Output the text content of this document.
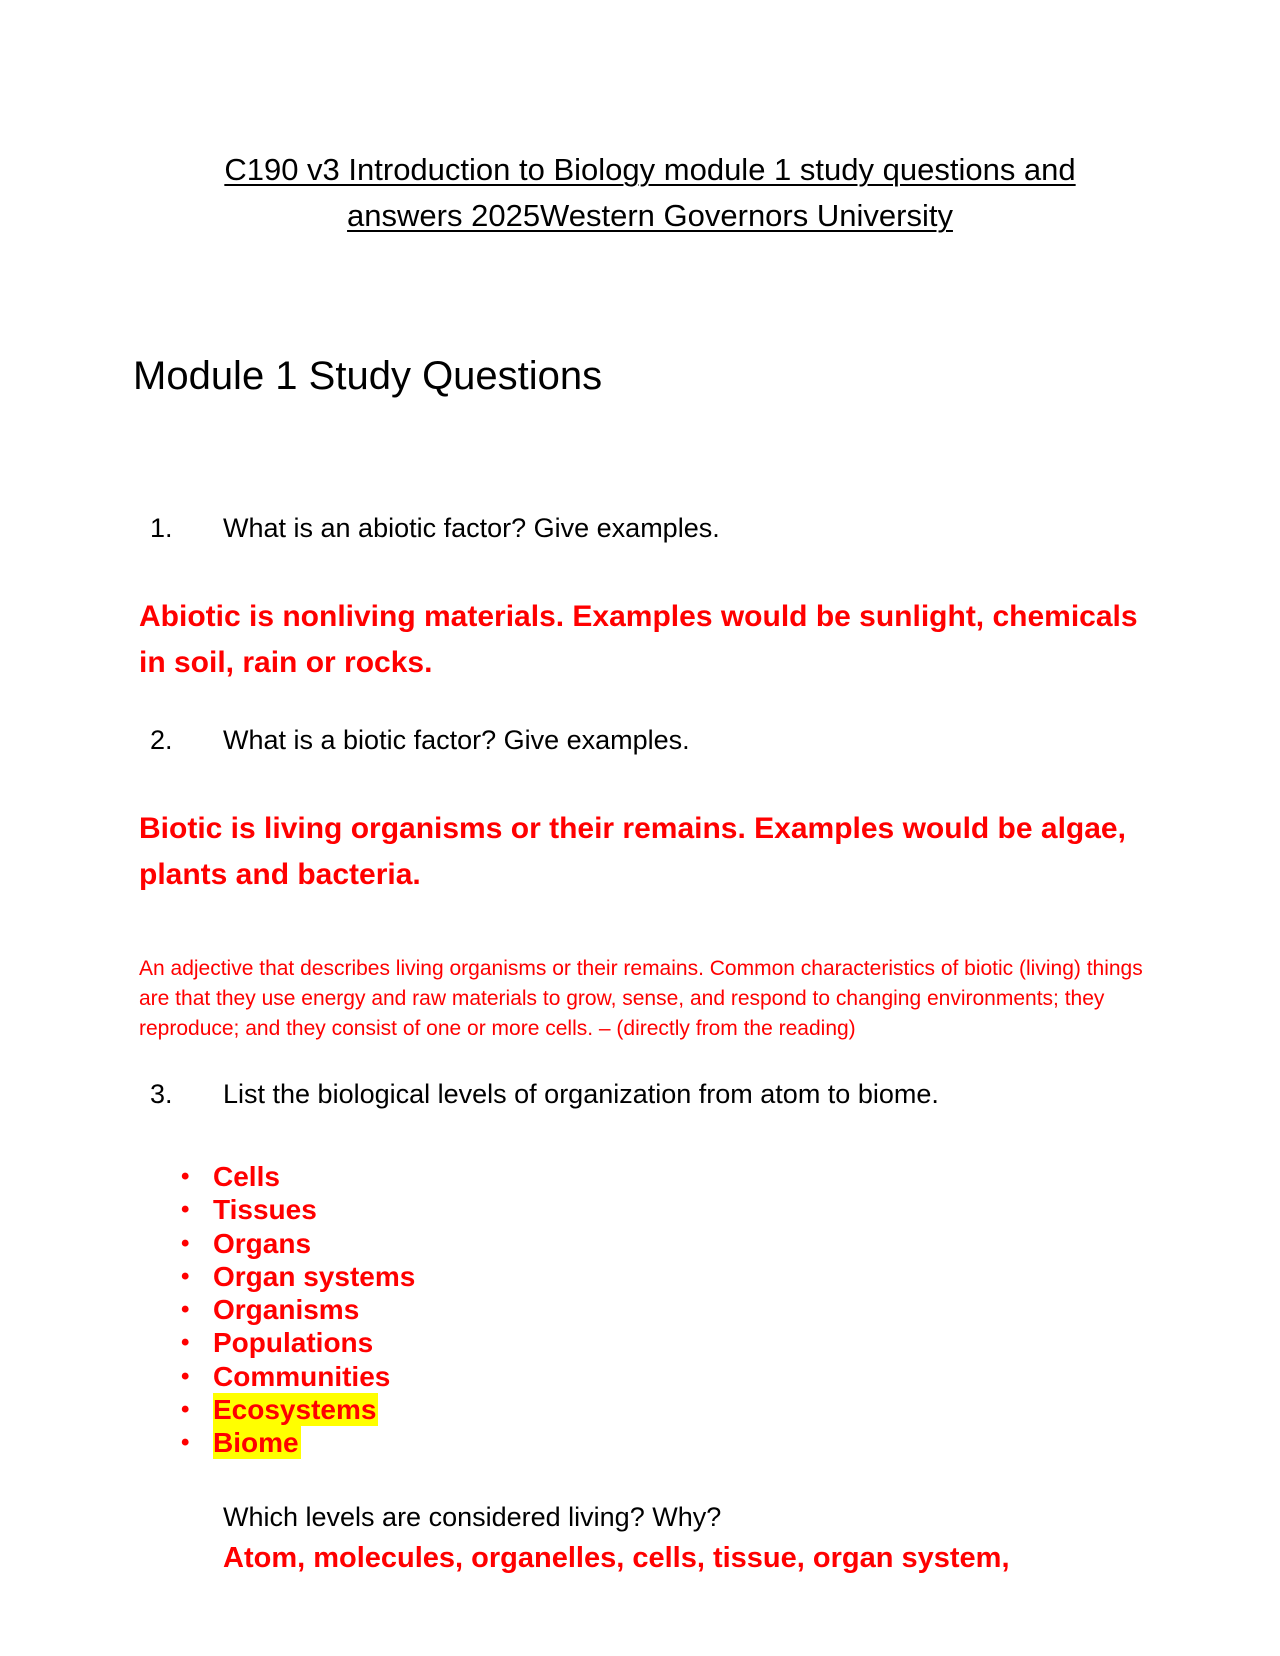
C190 v3 Introduction to Biology module 1 study questions and
answers 2025Western Governors University
Module 1 Study Questions
1. What is an abiotic factor? Give examples.
Abiotic is nonliving materials. Examples would be sunlight, chemicals in soil, rain or rocks.
2. What is a biotic factor? Give examples.
Biotic is living organisms or their remains. Examples would be algae, plants and bacteria.
An adjective that describes living organisms or their remains. Common characteristics of biotic (living) things are that they use energy and raw materials to grow, sense, and respond to changing environments; they reproduce; and they consist of one or more cells. – (directly from the reading)
3. List the biological levels of organization from atom to biome.
• Cells
• Tissues
• Organs
• Organ systems
• Organisms
• Populations
• Communities
• Ecosystems
• Biome
Which levels are considered living? Why?
Atom, molecules, organelles, cells, tissue, organ system,
